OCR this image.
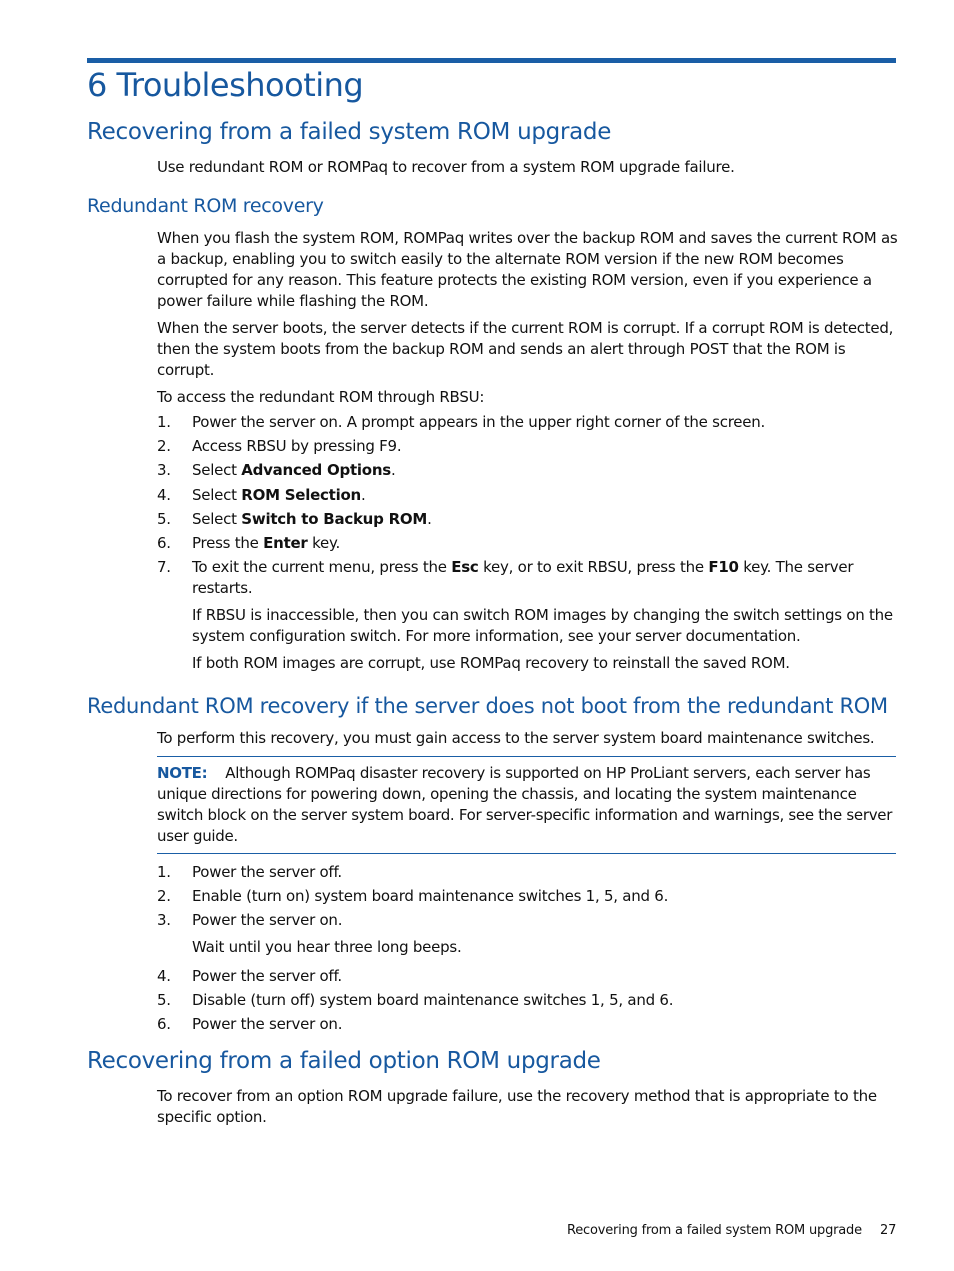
6 Troubleshooting
Recovering from a failed system ROM upgrade

Use redundant ROM or ROMPaq to recover from a system ROM upgrade failure.

Redundant ROM recovery

When you flash the system ROM, ROMPaq writes over the backup ROM and saves the current ROM as a backup, enabling you to switch easily to the alternate ROM version if the new ROM becomes corrupted for any reason. This feature protects the existing ROM version, even if you experience a power failure while flashing the ROM.

When the server boots, the server detects if the current ROM is corrupt. If a corrupt ROM is detected, then the system boots from the backup ROM and sends an alert through POST that the ROM is corrupt.

To access the redundant ROM through RBSU:

1.	Power the server on. A prompt appears in the upper right corner of the screen.
2.	Access RBSU by pressing F9.
3.	Select Advanced Options.
4.	Select ROM Selection.
5.	Select Switch to Backup ROM.
6.	Press the Enter key.
7.	To exit the current menu, press the Esc key, or to exit RBSU, press the F10 key. The server restarts.

If RBSU is inaccessible, then you can switch ROM images by changing the switch settings on the system configuration switch. For more information, see your server documentation.

If both ROM images are corrupt, use ROMPaq recovery to reinstall the saved ROM.

Redundant ROM recovery if the server does not boot from the redundant ROM

To perform this recovery, you must gain access to the server system board maintenance switches.

NOTE: Although ROMPaq disaster recovery is supported on HP ProLiant servers, each server has unique directions for powering down, opening the chassis, and locating the system maintenance switch block on the server system board. For server-specific information and warnings, see the server user guide.

1.	Power the server off.
2.	Enable (turn on) system board maintenance switches 1, 5, and 6.
3.	Power the server on.

Wait until you hear three long beeps.

4.	Power the server off.
5.	Disable (turn off) system board maintenance switches 1, 5, and 6.
6.	Power the server on.
Recovering from a failed option ROM upgrade

To recover from an option ROM upgrade failure, use the recovery method that is appropriate to the specific option.

Recovering from a failed system ROM upgrade 27
